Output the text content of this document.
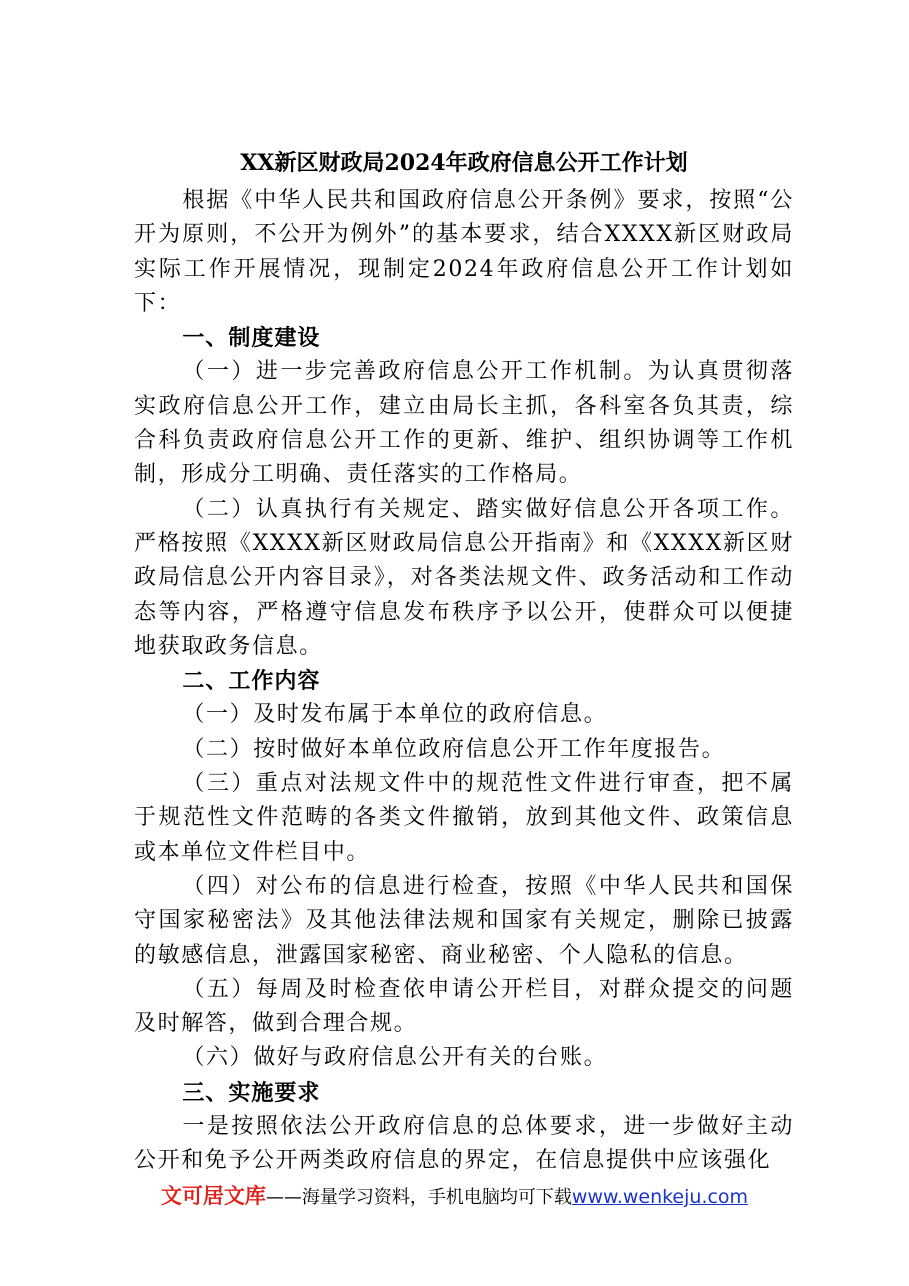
XX新区财政局2024年政府信息公开工作计划

根据《中华人民共和国政府信息公开条例》要求，按照“公开为原则，不公开为例外”的基本要求，结合XXXX新区财政局实际工作开展情况，现制定2024年政府信息公开工作计划如下：

一、制度建设

（一）进一步完善政府信息公开工作机制。为认真贯彻落实政府信息公开工作，建立由局长主抓，各科室各负其责，综合科负责政府信息公开工作的更新、维护、组织协调等工作机制，形成分工明确、责任落实的工作格局。

（二）认真执行有关规定、踏实做好信息公开各项工作。严格按照《XXXX新区财政局信息公开指南》和《XXXX新区财政局信息公开内容目录》，对各类法规文件、政务活动和工作动态等内容，严格遵守信息发布秩序予以公开，使群众可以便捷地获取政务信息。

二、工作内容

（一）及时发布属于本单位的政府信息。

（二）按时做好本单位政府信息公开工作年度报告。

（三）重点对法规文件中的规范性文件进行审查，把不属于规范性文件范畴的各类文件撤销，放到其他文件、政策信息或本单位文件栏目中。

（四）对公布的信息进行检查，按照《中华人民共和国保守国家秘密法》及其他法律法规和国家有关规定，删除已披露的敏感信息，泄露国家秘密、商业秘密、个人隐私的信息。

（五）每周及时检查依申请公开栏目，对群众提交的问题及时解答，做到合理合规。

（六）做好与政府信息公开有关的台账。

三、实施要求

一是按照依法公开政府信息的总体要求，进一步做好主动公开和免予公开两类政府信息的界定，在信息提供中应该强化

文可居文库——海量学习资料，手机电脑均可下载www.wenkeju.com
